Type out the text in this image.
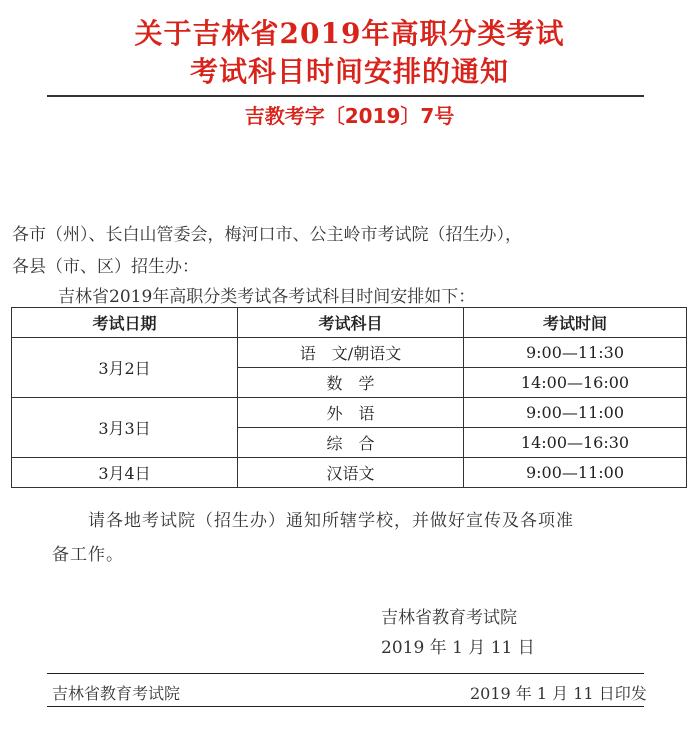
关于吉林省2019年高职分类考试
考试科目时间安排的通知
吉教考字〔2019〕7号
各市（州）、长白山管委会，梅河口市、公主岭市考试院（招生办），
各县（市、区）招生办：
吉林省2019年高职分类考试各考试科目时间安排如下：
考试日期	考试科目	考试时间
3月2日	语　文/朝语文	9:00—11:30
	数　学	14:00—16:00
3月3日	外　语	9:00—11:00
	综　合	14:00—16:30
3月4日	汉语文	9:00—11:00
请各地考试院（招生办）通知所辖学校，并做好宣传及各项准
备工作。
吉林省教育考试院
2019 年 1 月 11 日
吉林省教育考试院	2019 年 1 月 11 日印发
